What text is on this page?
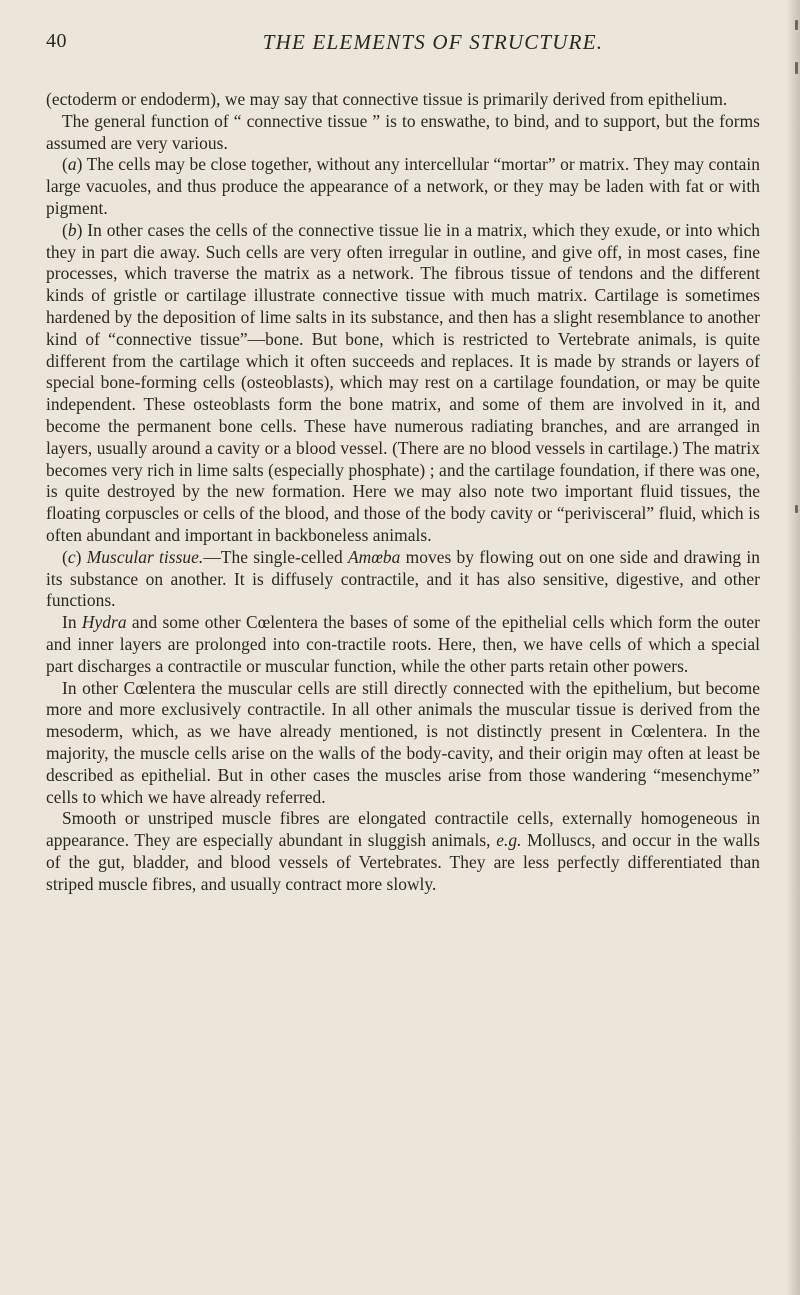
40	THE ELEMENTS OF STRUCTURE.

(ectoderm or endoderm), we may say that connective tissue is primarily derived from epithelium.

The general function of “ connective tissue ” is to enswathe, to bind, and to support, but the forms assumed are very various.

(a) The cells may be close together, without any intercellular “mortar” or matrix. They may contain large vacuoles, and thus produce the appearance of a network, or they may be laden with fat or with pigment.

(b) In other cases the cells of the connective tissue lie in a matrix, which they exude, or into which they in part die away. Such cells are very often irregular in outline, and give off, in most cases, fine processes, which traverse the matrix as a network. The fibrous tissue of tendons and the different kinds of gristle or cartilage illustrate connective tissue with much matrix. Cartilage is sometimes hardened by the deposition of lime salts in its substance, and then has a slight resemblance to another kind of “connective tissue”—bone. But bone, which is restricted to Vertebrate animals, is quite different from the cartilage which it often succeeds and replaces. It is made by strands or layers of special bone-forming cells (osteoblasts), which may rest on a cartilage foundation, or may be quite independent. These osteoblasts form the bone matrix, and some of them are involved in it, and become the permanent bone cells. These have numerous radiating branches, and are arranged in layers, usually around a cavity or a blood vessel. (There are no blood vessels in cartilage.) The matrix becomes very rich in lime salts (especially phosphate) ; and the cartilage foundation, if there was one, is quite destroyed by the new formation. Here we may also note two important fluid tissues, the floating corpuscles or cells of the blood, and those of the body cavity or “perivisceral” fluid, which is often abundant and important in backboneless animals.

(c) Muscular tissue.—The single-celled Amœba moves by flowing out on one side and drawing in its substance on another. It is diffusely contractile, and it has also sensitive, digestive, and other functions.

In Hydra and some other Cœlentera the bases of some of the epithelial cells which form the outer and inner layers are prolonged into con-tractile roots. Here, then, we have cells of which a special part discharges a contractile or muscular function, while the other parts retain other powers.

In other Cœlentera the muscular cells are still directly connected with the epithelium, but become more and more exclusively contractile. In all other animals the muscular tissue is derived from the mesoderm, which, as we have already mentioned, is not distinctly present in Cœlentera. In the majority, the muscle cells arise on the walls of the body-cavity, and their origin may often at least be described as epithelial. But in other cases the muscles arise from those wandering “mesenchyme” cells to which we have already referred.

Smooth or unstriped muscle fibres are elongated contractile cells, externally homogeneous in appearance. They are especially abundant in sluggish animals, e.g. Molluscs, and occur in the walls of the gut, bladder, and blood vessels of Vertebrates. They are less perfectly differentiated than striped muscle fibres, and usually contract more slowly.
